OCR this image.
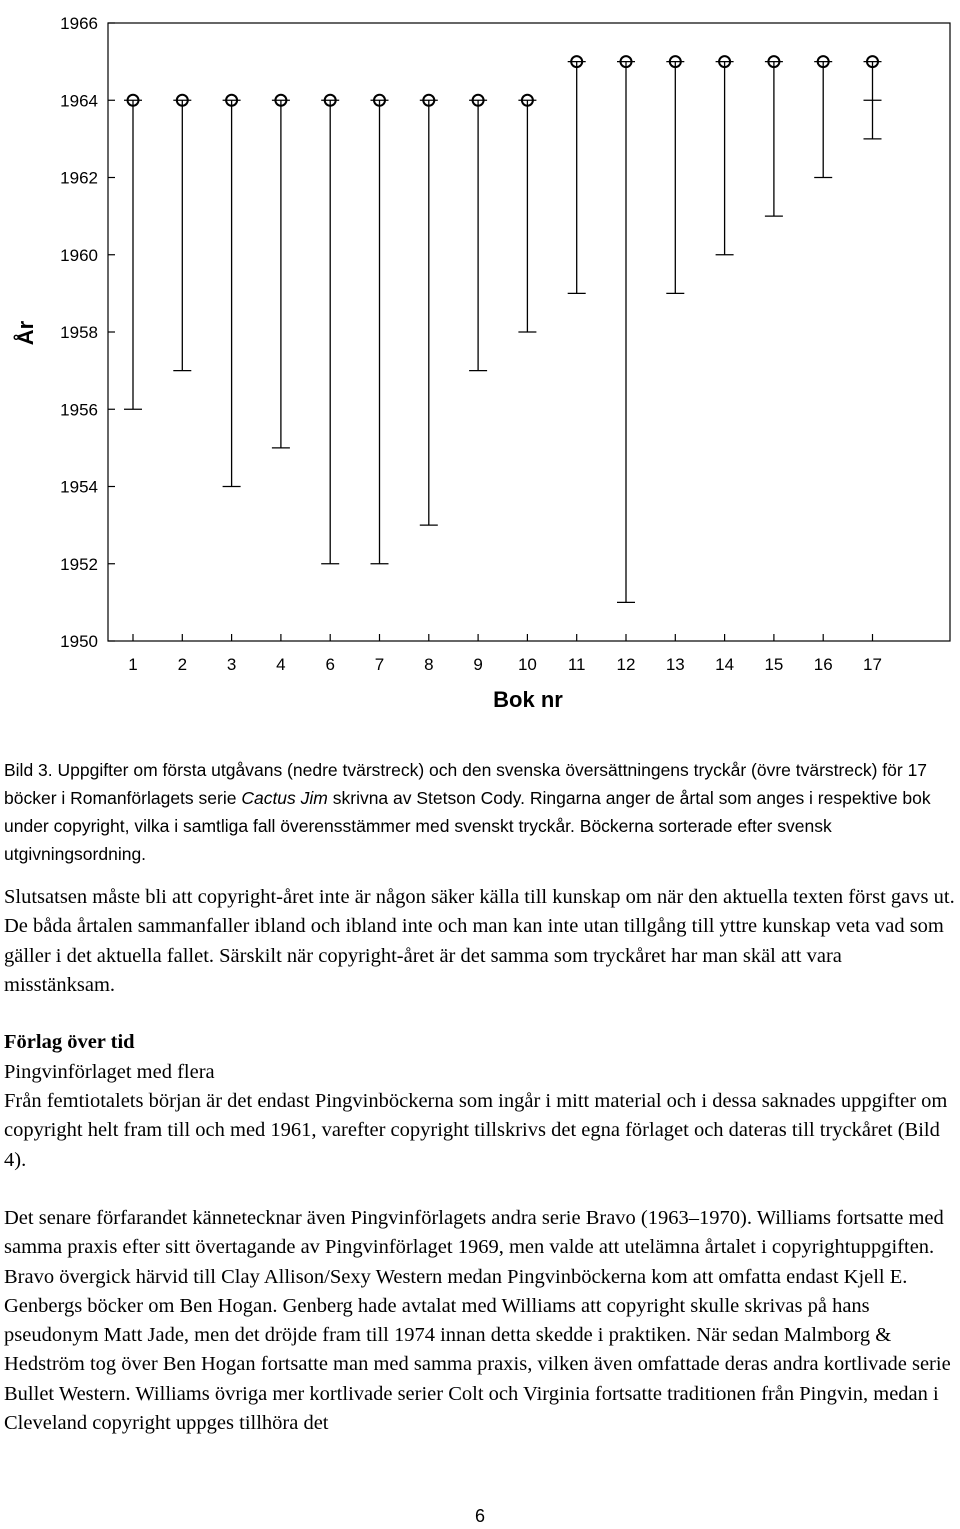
1950
1952
1954
1956
1958
1960
1962
1964
1966
1 2 3 4 6 7 8 9 10 11 12 13 14 15 16 17
År
Bok nr

Bild 3. Uppgifter om första utgåvans (nedre tvärstreck) och den svenska översättningens tryckår (övre tvärstreck) för 17 böcker i Romanförlagets serie Cactus Jim skrivna av Stetson Cody. Ringarna anger de årtal som anges i respektive bok under copyright, vilka i samtliga fall överensstämmer med svenskt tryckår. Böckerna sorterade efter svensk utgivningsordning.

Slutsatsen måste bli att copyright-året inte är någon säker källa till kunskap om när den aktuella texten först gavs ut. De båda årtalen sammanfaller ibland och ibland inte och man kan inte utan tillgång till yttre kunskap veta vad som gäller i det aktuella fallet. Särskilt när copyright-året är det samma som tryckåret har man skäl att vara misstänksam.

Förlag över tid

Pingvinförlaget med flera

Från femtiotalets början är det endast Pingvinböckerna som ingår i mitt material och i dessa saknades uppgifter om copyright helt fram till och med 1961, varefter copyright tillskrivs det egna förlaget och dateras till tryckåret (Bild 4).

Det senare förfarandet kännetecknar även Pingvinförlagets andra serie Bravo (1963–1970). Williams fortsatte med samma praxis efter sitt övertagande av Pingvinförlaget 1969, men valde att utelämna årtalet i copyrightuppgiften. Bravo övergick härvid till Clay Allison/Sexy Western medan Pingvinböckerna kom att omfatta endast Kjell E. Genbergs böcker om Ben Hogan. Genberg hade avtalat med Williams att copyright skulle skrivas på hans pseudonym Matt Jade, men det dröjde fram till 1974 innan detta skedde i praktiken. När sedan Malmborg & Hedström tog över Ben Hogan fortsatte man med samma praxis, vilken även omfattade deras andra kortlivade serie Bullet Western. Williams övriga mer kortlivade serier Colt och Virginia fortsatte traditionen från Pingvin, medan i Cleveland copyright uppges tillhöra det

6
